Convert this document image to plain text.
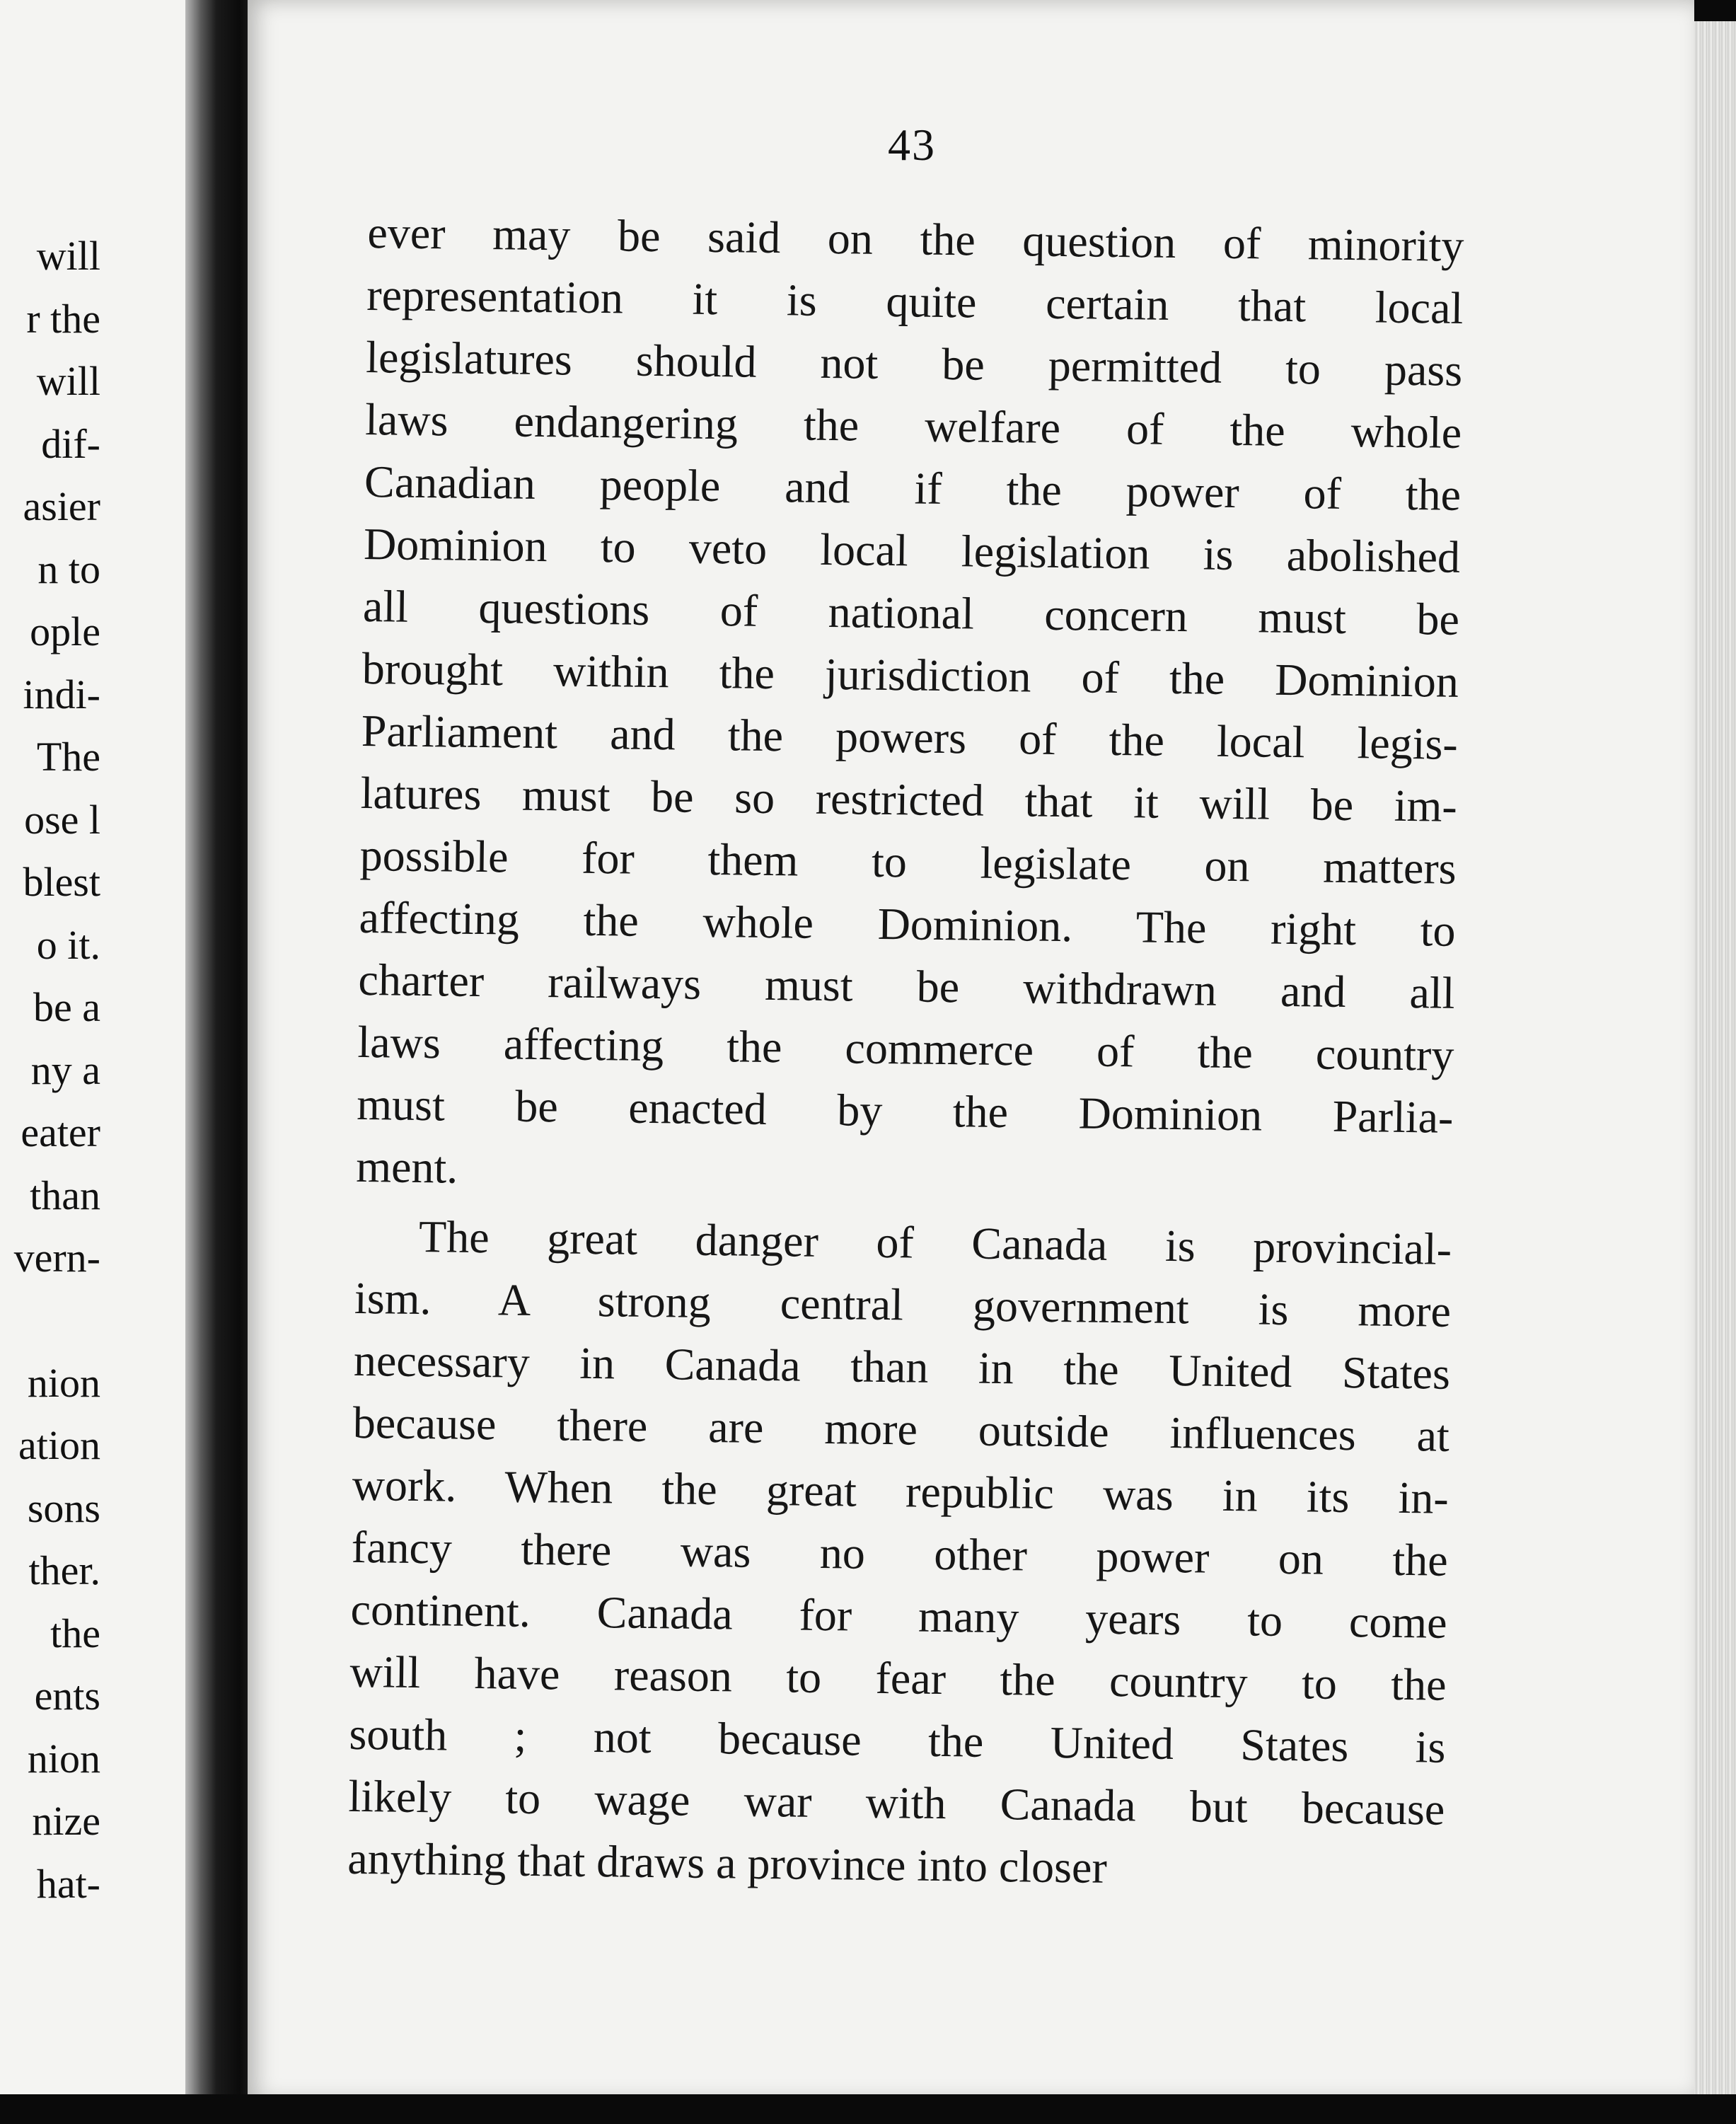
will
r the
will
dif-
asier
n to
ople
indi-
The
ose l
blest
o it.
be a
ny a
eater
than
vern-
nion
ation
sons
ther.
the
ents
nion
nize
hat-
43
ever may be said on the question of minority
representation it is quite certain that local
legislatures should not be permitted to pass
laws endangering the welfare of the whole
Canadian people and if the power of the
Dominion to veto local legislation is abolished
all questions of national concern must be
brought within the jurisdiction of the Dominion
Parliament and the powers of the local legis-
latures must be so restricted that it will be im-
possible for them to legislate on matters
affecting the whole Dominion. The right to
charter railways must be withdrawn and all
laws affecting the commerce of the country
must be enacted by the Dominion Parlia-
ment.
The great danger of Canada is provincial-
ism. A strong central government is more
necessary in Canada than in the United States
because there are more outside influences at
work. When the great republic was in its in-
fancy there was no other power on the
continent. Canada for many years to come
will have reason to fear the country to the
south ; not because the United States is
likely to wage war with Canada but because
anything that draws a province into closer
